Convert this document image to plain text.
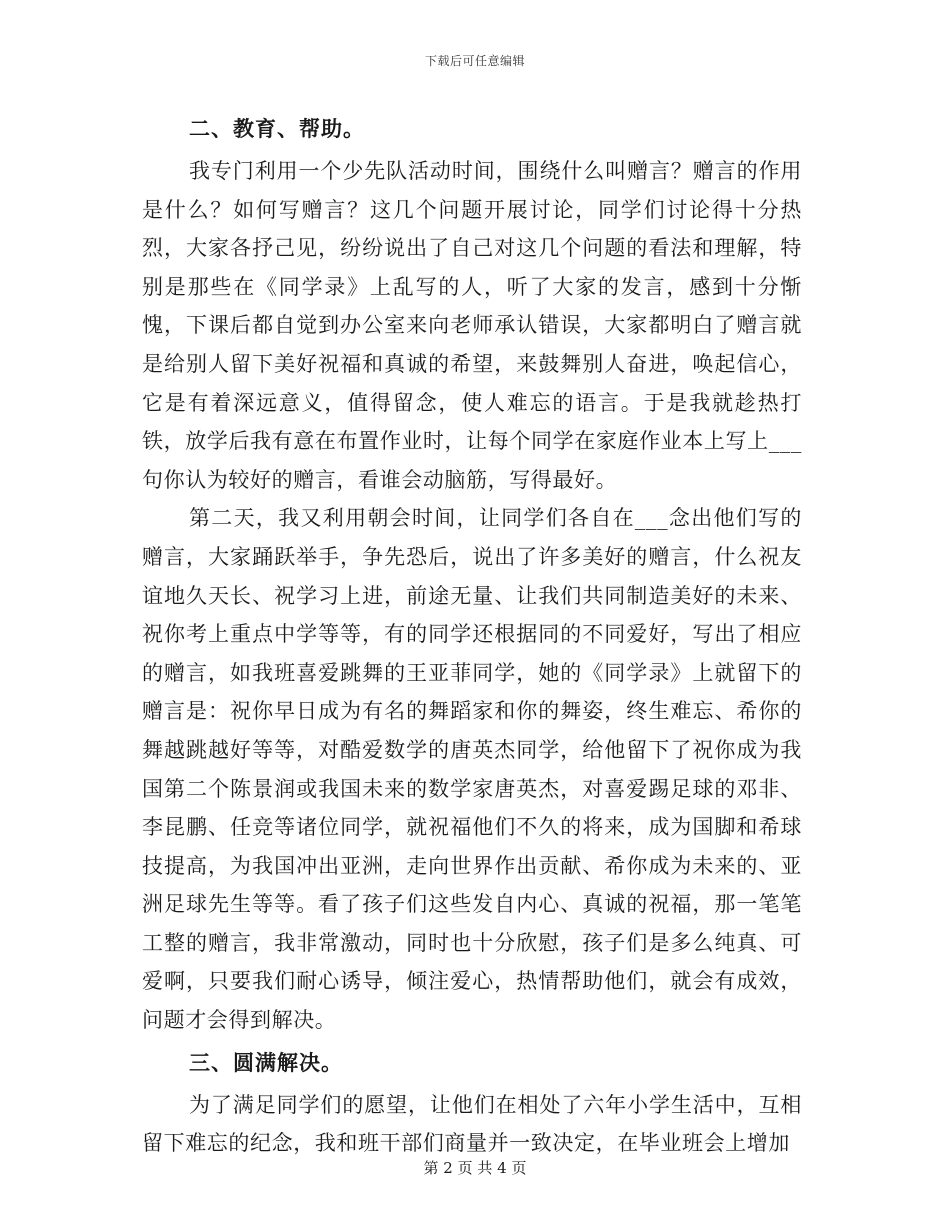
下载后可任意编辑
二、教育、帮助。

我专门利用一个少先队活动时间，围绕什么叫赠言？赠言的作用是什么？如何写赠言？这几个问题开展讨论，同学们讨论得十分热烈，大家各抒己见，纷纷说出了自己对这几个问题的看法和理解，特别是那些在《同学录》上乱写的人，听了大家的发言，感到十分惭愧，下课后都自觉到办公室来向老师承认错误，大家都明白了赠言就是给别人留下美好祝福和真诚的希望，来鼓舞别人奋进，唤起信心，它是有着深远意义，值得留念，使人难忘的语言。于是我就趁热打铁，放学后我有意在布置作业时，让每个同学在家庭作业本上写上___句你认为较好的赠言，看谁会动脑筋，写得最好。

第二天，我又利用朝会时间，让同学们各自在___念出他们写的赠言，大家踊跃举手，争先恐后，说出了许多美好的赠言，什么祝友谊地久天长、祝学习上进，前途无量、让我们共同制造美好的未来、祝你考上重点中学等等，有的同学还根据同的不同爱好，写出了相应的赠言，如我班喜爱跳舞的王亚菲同学，她的《同学录》上就留下的赠言是：祝你早日成为有名的舞蹈家和你的舞姿，终生难忘、希你的舞越跳越好等等，对酷爱数学的唐英杰同学，给他留下了祝你成为我国第二个陈景润或我国未来的数学家唐英杰，对喜爱踢足球的邓非、李昆鹏、任竞等诸位同学，就祝福他们不久的将来，成为国脚和希球技提高，为我国冲出亚洲，走向世界作出贡献、希你成为未来的、亚洲足球先生等等。看了孩子们这些发自内心、真诚的祝福，那一笔笔工整的赠言，我非常激动，同时也十分欣慰，孩子们是多么纯真、可爱啊，只要我们耐心诱导，倾注爱心，热情帮助他们，就会有成效，问题才会得到解决。

三、圆满解决。

为了满足同学们的愿望，让他们在相处了六年小学生活中，互相留下难忘的纪念，我和班干部们商量并一致决定，在毕业班会上增加

第 2 页 共 4 页
